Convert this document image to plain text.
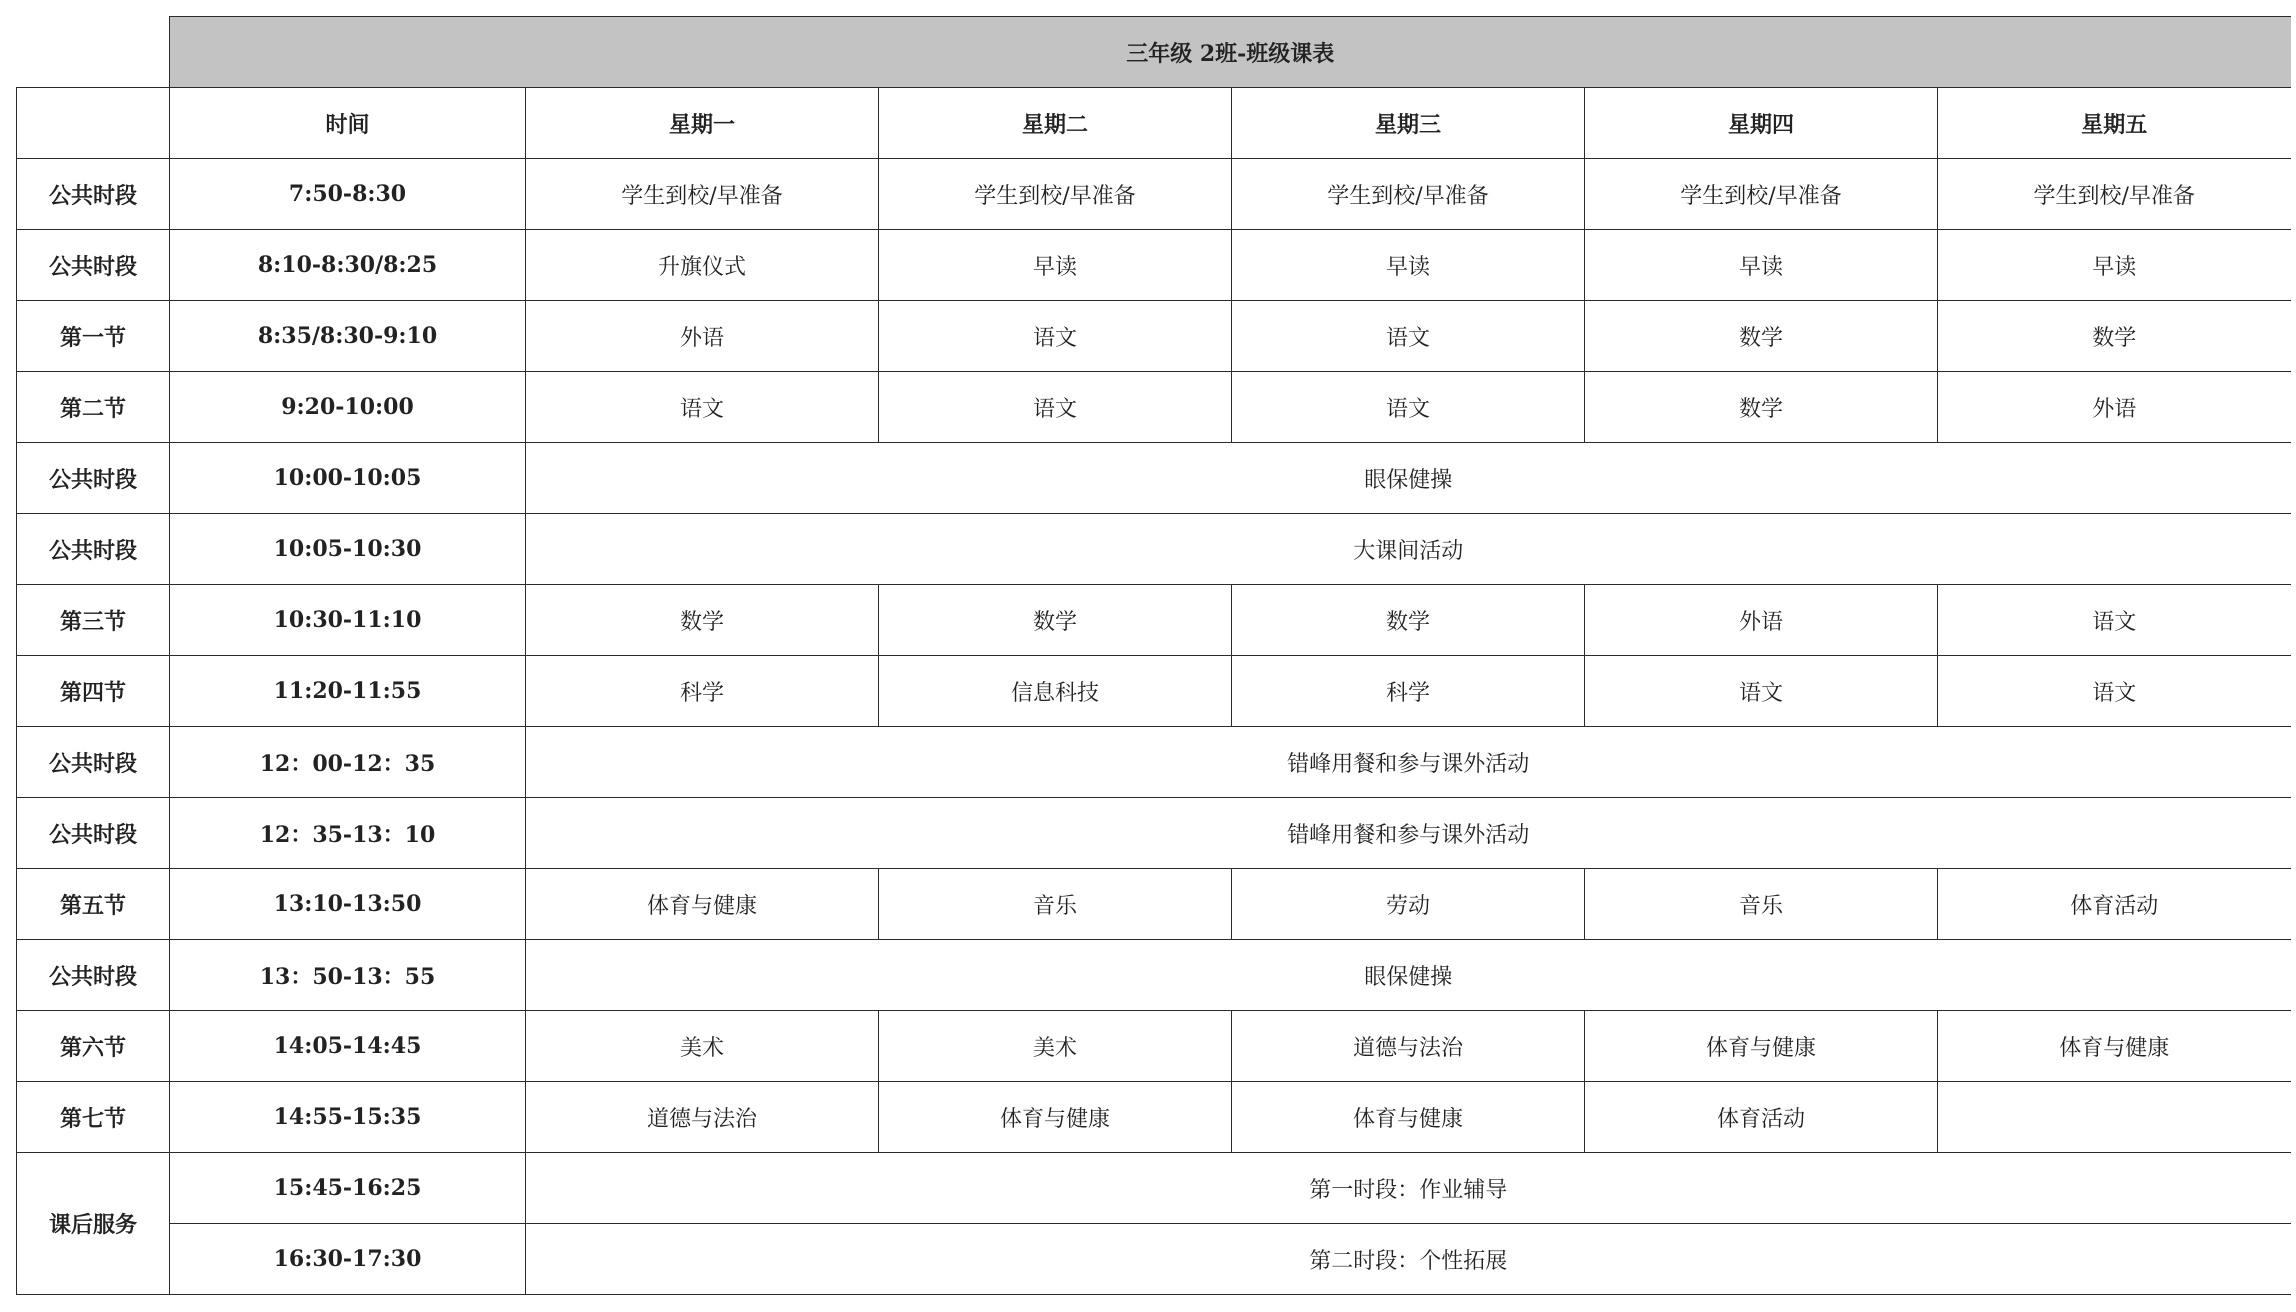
	三年级 2班-班级课表					
	时间	星期一	星期二	星期三	星期四	星期五
公共时段	7:50-8:30	学生到校/早准备	学生到校/早准备	学生到校/早准备	学生到校/早准备	学生到校/早准备
公共时段	8:10-8:30/8:25	升旗仪式	早读	早读	早读	早读
第一节	8:35/8:30-9:10	外语	语文	语文	数学	数学
第二节	9:20-10:00	语文	语文	语文	数学	外语
公共时段	10:00-10:05	眼保健操				
公共时段	10:05-10:30	大课间活动				
第三节	10:30-11:10	数学	数学	数学	外语	语文
第四节	11:20-11:55	科学	信息科技	科学	语文	语文
公共时段	12：00-12：35	错峰用餐和参与课外活动				
公共时段	12：35-13：10	错峰用餐和参与课外活动				
第五节	13:10-13:50	体育与健康	音乐	劳动	音乐	体育活动
公共时段	13：50-13：55	眼保健操				
第六节	14:05-14:45	美术	美术	道德与法治	体育与健康	体育与健康
第七节	14:55-15:35	道德与法治	体育与健康	体育与健康	体育活动	
课后服务	15:45-16:25	第一时段：作业辅导				
	16:30-17:30	第二时段：个性拓展				
